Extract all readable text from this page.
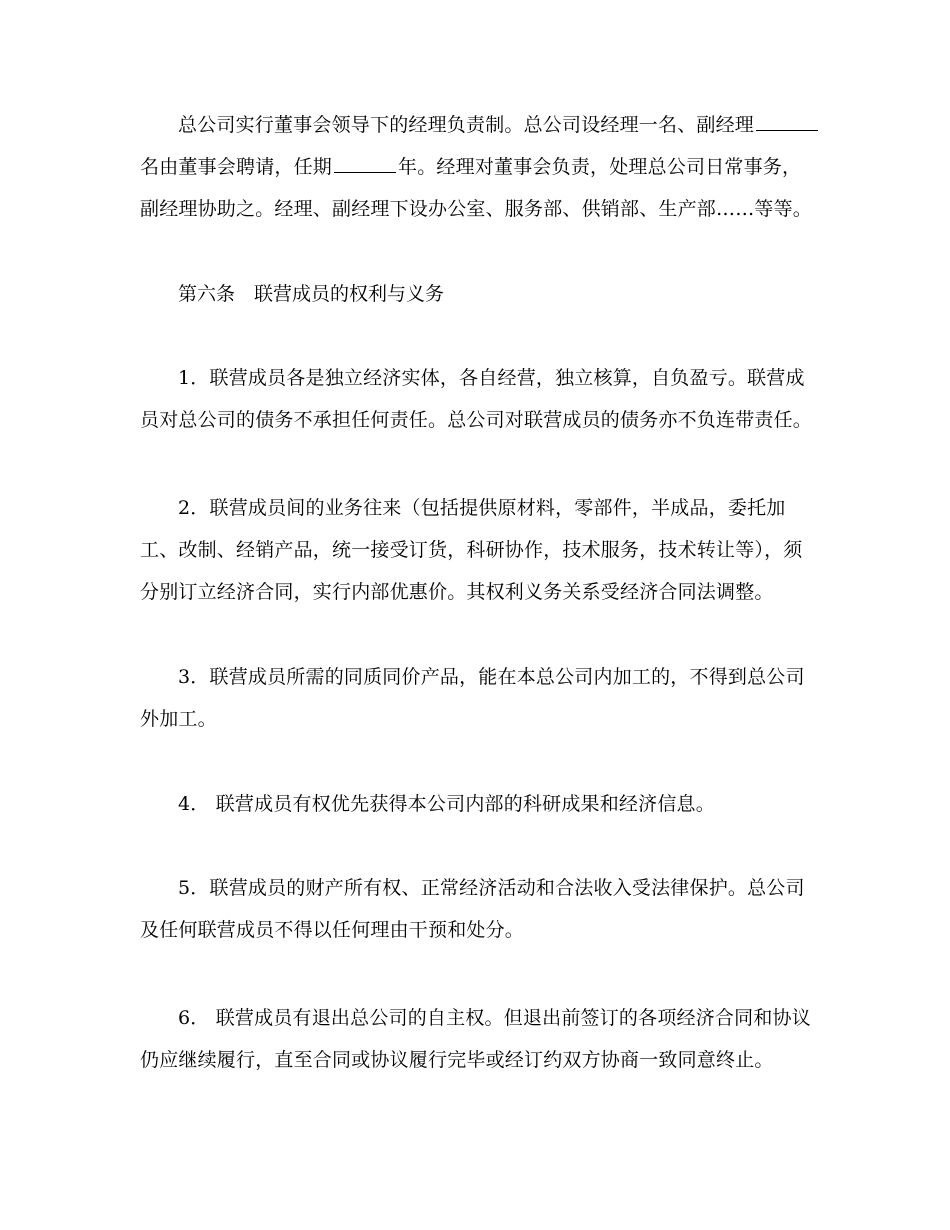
总公司实行董事会领导下的经理负责制。总公司设经理一名、副经理名由董事会聘请，任期	年。经理对董事会负责，处理总公司日常事务，副经理协助之。经理、副经理下设办公室、服务部、供销部、生产部……等等。

第六条　联营成员的权利与义务

1．联营成员各是独立经济实体，各自经营，独立核算，自负盈亏。联营成员对总公司的债务不承担任何责任。总公司对联营成员的债务亦不负连带责任。

2．联营成员间的业务往来（包括提供原材料，零部件，半成品，委托加工、改制、经销产品，统一接受订货，科研协作，技术服务，技术转让等），须分别订立经济合同，实行内部优惠价。其权利义务关系受经济合同法调整。

3．联营成员所需的同质同价产品，能在本总公司内加工的，不得到总公司外加工。

4． 联营成员有权优先获得本公司内部的科研成果和经济信息。

5．联营成员的财产所有权、正常经济活动和合法收入受法律保护。总公司及任何联营成员不得以任何理由干预和处分。

6． 联营成员有退出总公司的自主权。但退出前签订的各项经济合同和协议仍应继续履行，直至合同或协议履行完毕或经订约双方协商一致同意终止。
